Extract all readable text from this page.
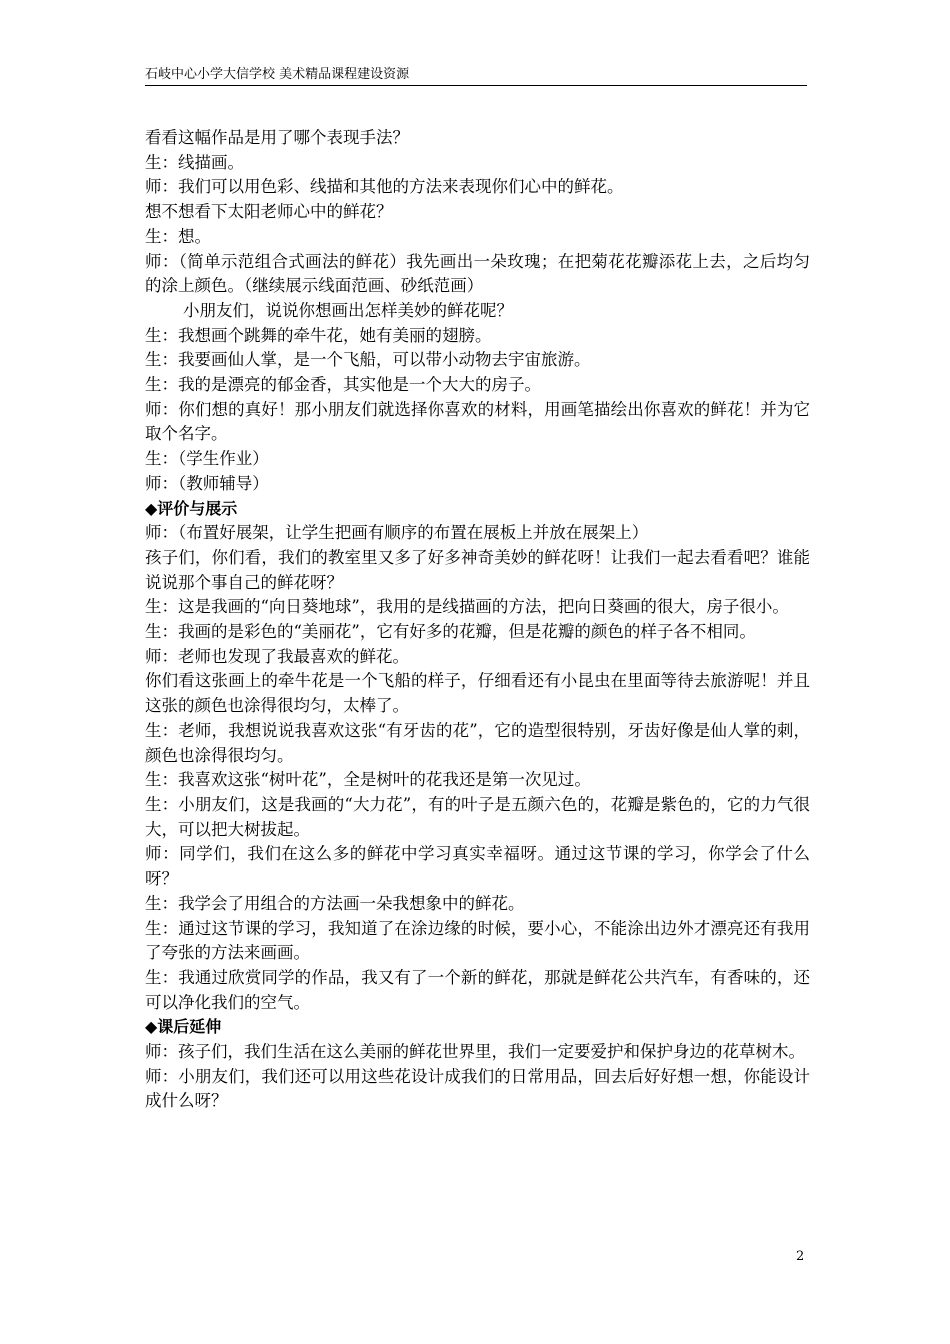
石岐中心小学大信学校 美术精品课程建设资源

看看这幅作品是用了哪个表现手法？

生：线描画。

师：我们可以用色彩、线描和其他的方法来表现你们心中的鲜花。

想不想看下太阳老师心中的鲜花？

生：想。

师：（简单示范组合式画法的鲜花）我先画出一朵玫瑰；在把菊花花瓣添花上去，之后均匀的涂上颜色。（继续展示线面范画、砂纸范画）

小朋友们，说说你想画出怎样美妙的鲜花呢？

生：我想画个跳舞的牵牛花，她有美丽的翅膀。

生：我要画仙人掌，是一个飞船，可以带小动物去宇宙旅游。

生：我的是漂亮的郁金香，其实他是一个大大的房子。

师：你们想的真好！那小朋友们就选择你喜欢的材料，用画笔描绘出你喜欢的鲜花！并为它取个名字。

生：（学生作业）

师：（教师辅导）

◆评价与展示

师：（布置好展架，让学生把画有顺序的布置在展板上并放在展架上）

孩子们，你们看，我们的教室里又多了好多神奇美妙的鲜花呀！让我们一起去看看吧？谁能说说那个事自己的鲜花呀？

生：这是我画的“向日葵地球”，我用的是线描画的方法，把向日葵画的很大，房子很小。

生：我画的是彩色的“美丽花”，它有好多的花瓣，但是花瓣的颜色的样子各不相同。

师：老师也发现了我最喜欢的鲜花。

你们看这张画上的牵牛花是一个飞船的样子，仔细看还有小昆虫在里面等待去旅游呢！并且这张的颜色也涂得很均匀，太棒了。

生：老师，我想说说我喜欢这张“有牙齿的花”，它的造型很特别，牙齿好像是仙人掌的刺，颜色也涂得很均匀。

生：我喜欢这张“树叶花”，全是树叶的花我还是第一次见过。

生：小朋友们，这是我画的“大力花”，有的叶子是五颜六色的，花瓣是紫色的，它的力气很大，可以把大树拔起。

师：同学们，我们在这么多的鲜花中学习真实幸福呀。通过这节课的学习，你学会了什么呀？

生：我学会了用组合的方法画一朵我想象中的鲜花。

生：通过这节课的学习，我知道了在涂边缘的时候，要小心，不能涂出边外才漂亮还有我用了夸张的方法来画画。

生：我通过欣赏同学的作品，我又有了一个新的鲜花，那就是鲜花公共汽车，有香味的，还可以净化我们的空气。

◆课后延伸

师：孩子们，我们生活在这么美丽的鲜花世界里，我们一定要爱护和保护身边的花草树木。

师：小朋友们，我们还可以用这些花设计成我们的日常用品，回去后好好想一想，你能设计成什么呀？

2
